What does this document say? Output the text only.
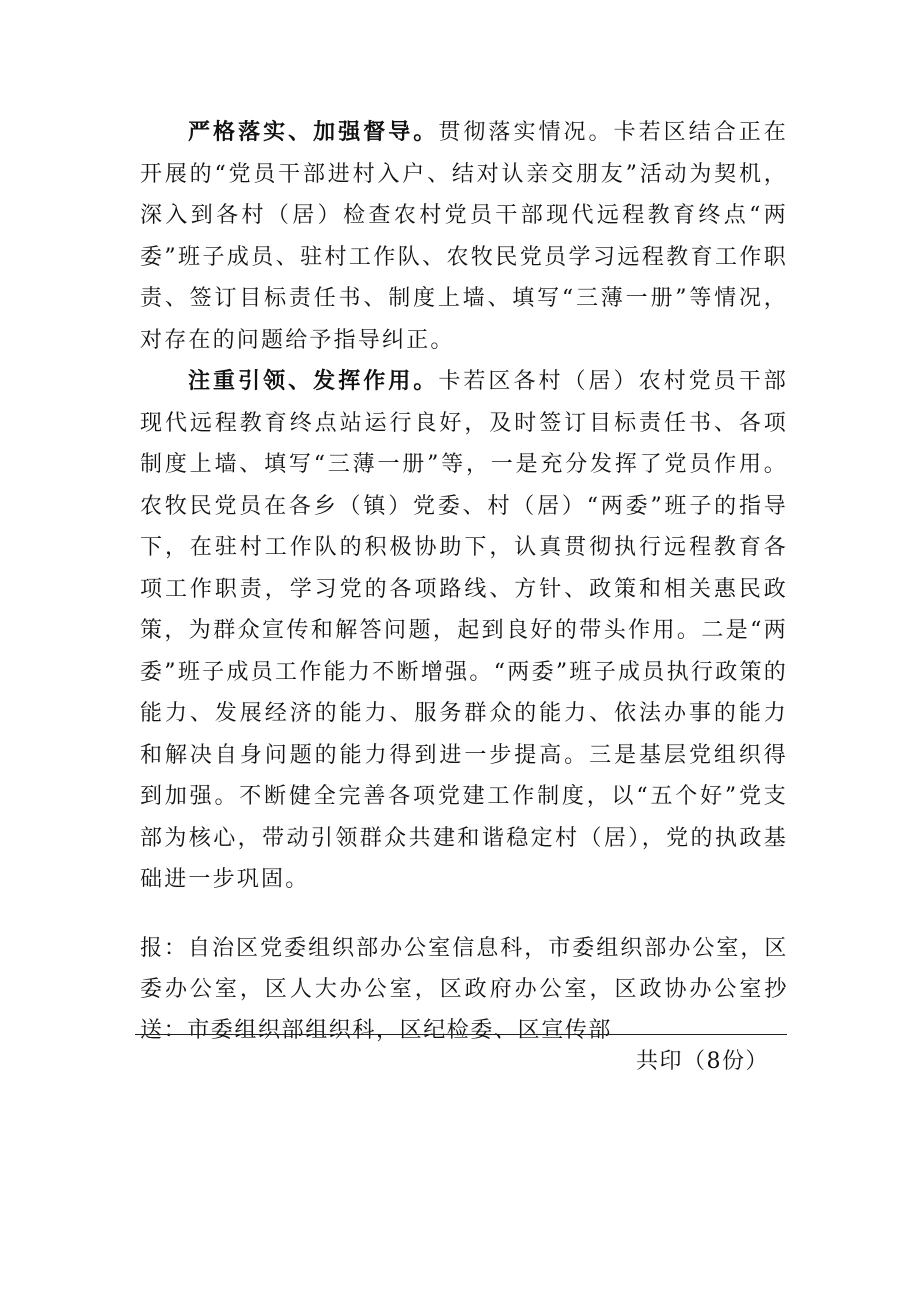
严格落实、加强督导。贯彻落实情况。卡若区结合正在开展的“党员干部进村入户、结对认亲交朋友”活动为契机，深入到各村（居）检查农村党员干部现代远程教育终点“两委”班子成员、驻村工作队、农牧民党员学习远程教育工作职责、签订目标责任书、制度上墙、填写“三薄一册”等情况，对存在的问题给予指导纠正。

注重引领、发挥作用。卡若区各村（居）农村党员干部现代远程教育终点站运行良好，及时签订目标责任书、各项制度上墙、填写“三薄一册”等，一是充分发挥了党员作用。农牧民党员在各乡（镇）党委、村（居）“两委”班子的指导下，在驻村工作队的积极协助下，认真贯彻执行远程教育各项工作职责，学习党的各项路线、方针、政策和相关惠民政策，为群众宣传和解答问题，起到良好的带头作用。二是“两委”班子成员工作能力不断增强。“两委”班子成员执行政策的能力、发展经济的能力、服务群众的能力、依法办事的能力和解决自身问题的能力得到进一步提高。三是基层党组织得到加强。不断健全完善各项党建工作制度，以“五个好”党支部为核心，带动引领群众共建和谐稳定村（居），党的执政基础进一步巩固。

报：自治区党委组织部办公室信息科，市委组织部办公室，区委办公室，区人大办公室，区政府办公室，区政协办公室抄送：市委组织部组织科，区纪检委、区宣传部

共印（8份）
